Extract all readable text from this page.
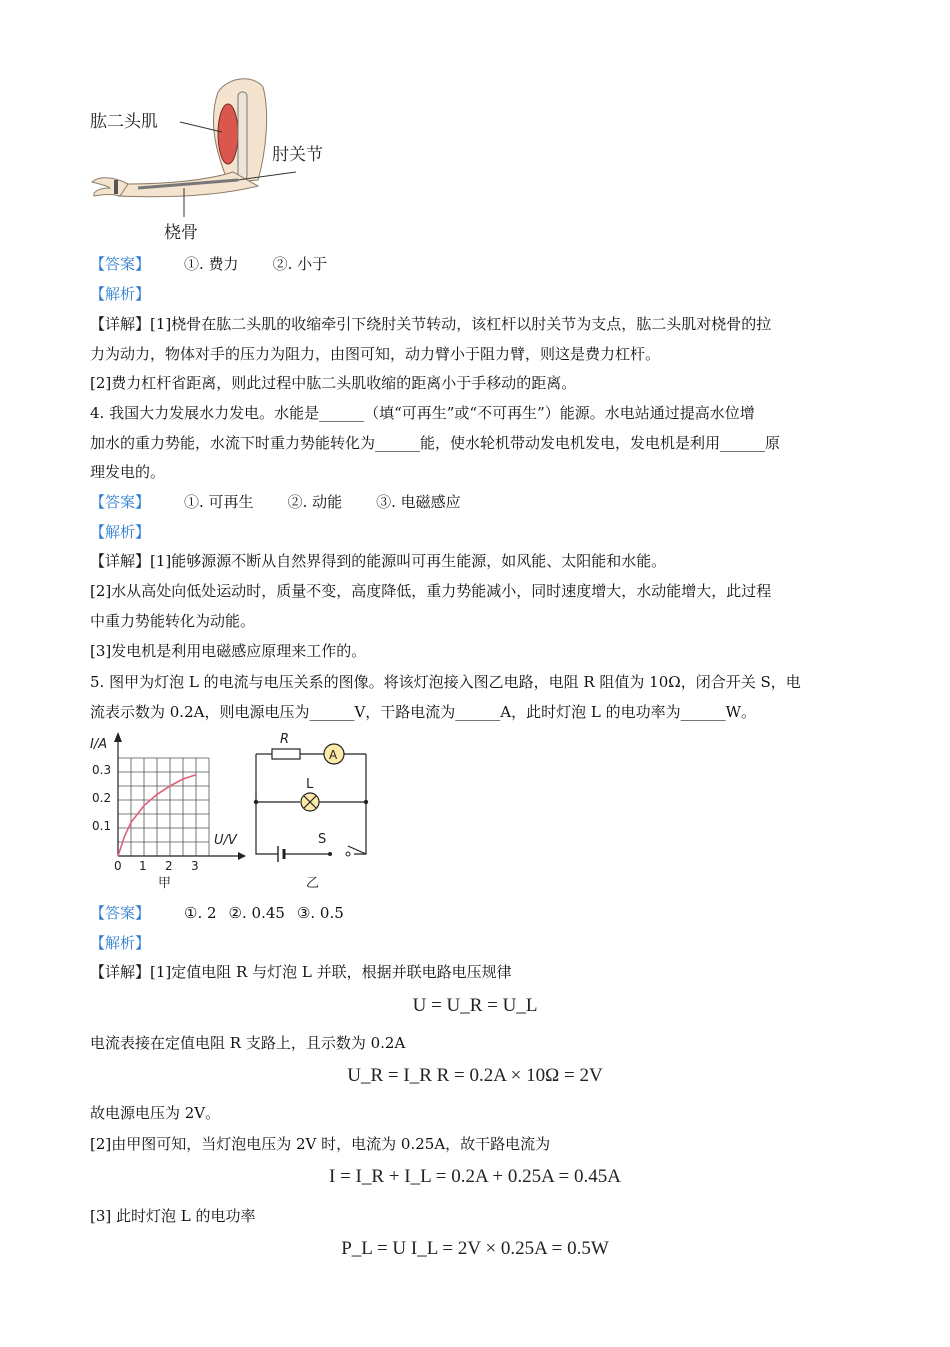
肱二头肌
肘关节
桡骨
【答案】 ①. 费力 ②. 小于
【解析】
【详解】[1]桡骨在肱二头肌的收缩牵引下绕肘关节转动，该杠杆以肘关节为支点，肱二头肌对桡骨的拉
力为动力，物体对手的压力为阻力，由图可知，动力臂小于阻力臂，则这是费力杠杆。
[2]费力杠杆省距离，则此过程中肱二头肌收缩的距离小于手移动的距离。
4. 我国大力发展水力发电。水能是______（填“可再生”或“不可再生”）能源。水电站通过提高水位增
加水的重力势能，水流下时重力势能转化为______能，使水轮机带动发电机发电，发电机是利用______原
理发电的。
【答案】 ①. 可再生 ②. 动能 ③. 电磁感应
【解析】
【详解】[1]能够源源不断从自然界得到的能源叫可再生能源，如风能、太阳能和水能。
[2]水从高处向低处运动时，质量不变，高度降低，重力势能减小，同时速度增大，水动能增大，此过程
中重力势能转化为动能。
[3]发电机是利用电磁感应原理来工作的。
5. 图甲为灯泡 L 的电流与电压关系的图像。将该灯泡接入图乙电路，电阻 R 阻值为 10Ω，闭合开关 S，电
流表示数为 0.2A，则电源电压为______V，干路电流为______A，此时灯泡 L 的电功率为______W。
I/A
U/V
0.3
0.2
0.1
0 1 2 3
甲
R
A
L
S
乙
【答案】 ①. 2 ②. 0.45 ③. 0.5
【解析】
【详解】[1]定值电阻 R 与灯泡 L 并联，根据并联电路电压规律
U = U_R = U_L
电流表接在定值电阻 R 支路上，且示数为 0.2A
U_R = I_R R = 0.2A × 10Ω = 2V
故电源电压为 2V。
[2]由甲图可知，当灯泡电压为 2V 时，电流为 0.25A，故干路电流为
I = I_R + I_L = 0.2A + 0.25A = 0.45A
[3] 此时灯泡 L 的电功率
P_L = U I_L = 2V × 0.25A = 0.5W
